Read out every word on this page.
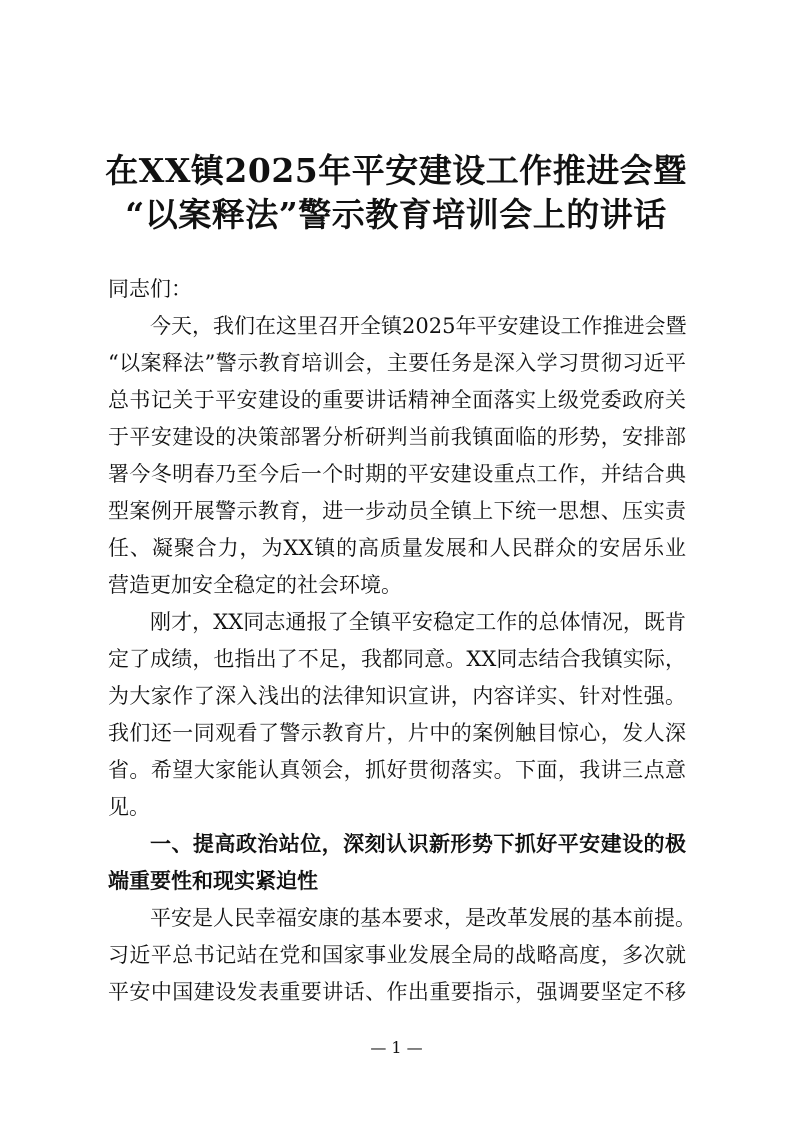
在XX镇2025年平安建设工作推进会暨
“以案释法”警示教育培训会上的讲话
同志们：
今天，我们在这里召开全镇2025年平安建设工作推进会暨
“以案释法”警示教育培训会，主要任务是深入学习贯彻习近平
总书记关于平安建设的重要讲话精神全面落实上级党委政府关
于平安建设的决策部署分析研判当前我镇面临的形势，安排部
署今冬明春乃至今后一个时期的平安建设重点工作，并结合典
型案例开展警示教育，进一步动员全镇上下统一思想、压实责
任、凝聚合力，为XX镇的高质量发展和人民群众的安居乐业
营造更加安全稳定的社会环境。
刚才，XX同志通报了全镇平安稳定工作的总体情况，既肯
定了成绩，也指出了不足，我都同意。XX同志结合我镇实际，
为大家作了深入浅出的法律知识宣讲，内容详实、针对性强。
我们还一同观看了警示教育片，片中的案例触目惊心，发人深
省。希望大家能认真领会，抓好贯彻落实。下面，我讲三点意
见。
一、提高政治站位，深刻认识新形势下抓好平安建设的极
端重要性和现实紧迫性
平安是人民幸福安康的基本要求，是改革发展的基本前提。
习近平总书记站在党和国家事业发展全局的战略高度，多次就
平安中国建设发表重要讲话、作出重要指示，强调要坚定不移
— 1 —
